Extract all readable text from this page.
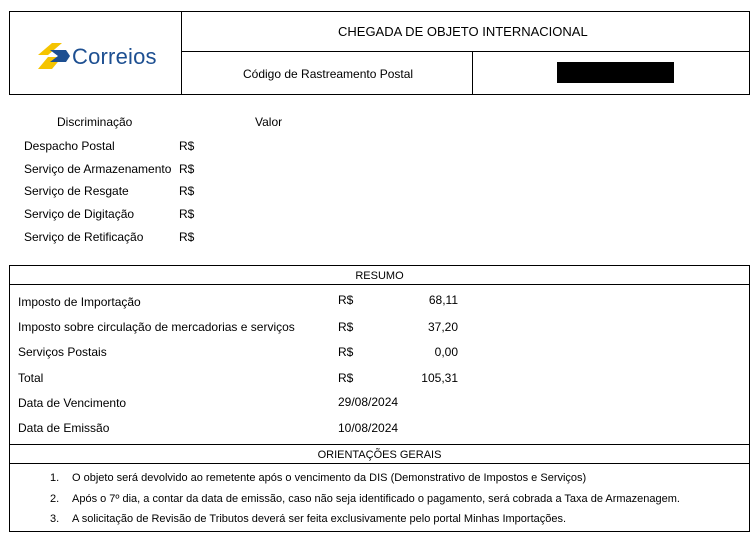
Correios
CHEGADA DE OBJETO INTERNACIONAL
Código de Rastreamento Postal
Discriminação	Valor
Despacho Postal	R$
Serviço de Armazenamento R$
Serviço de Resgate	R$
Serviço de Digitação	R$
Serviço de Retificação	R$
RESUMO
Imposto de Importação	R$	68,11
Imposto sobre circulação de mercadorias e serviços	R$	37,20
Serviços Postais	R$	0,00
Total	R$	105,31
Data de Vencimento	29/08/2024
Data de Emissão	10/08/2024
ORIENTAÇÕES GERAIS
1. O objeto será devolvido ao remetente após o vencimento da DIS (Demonstrativo de Impostos e Serviços)
2. Após o 7º dia, a contar da data de emissão, caso não seja identificado o pagamento, será cobrada a Taxa de Armazenagem.
3. A solicitação de Revisão de Tributos deverá ser feita exclusivamente pelo portal Minhas Importações.
